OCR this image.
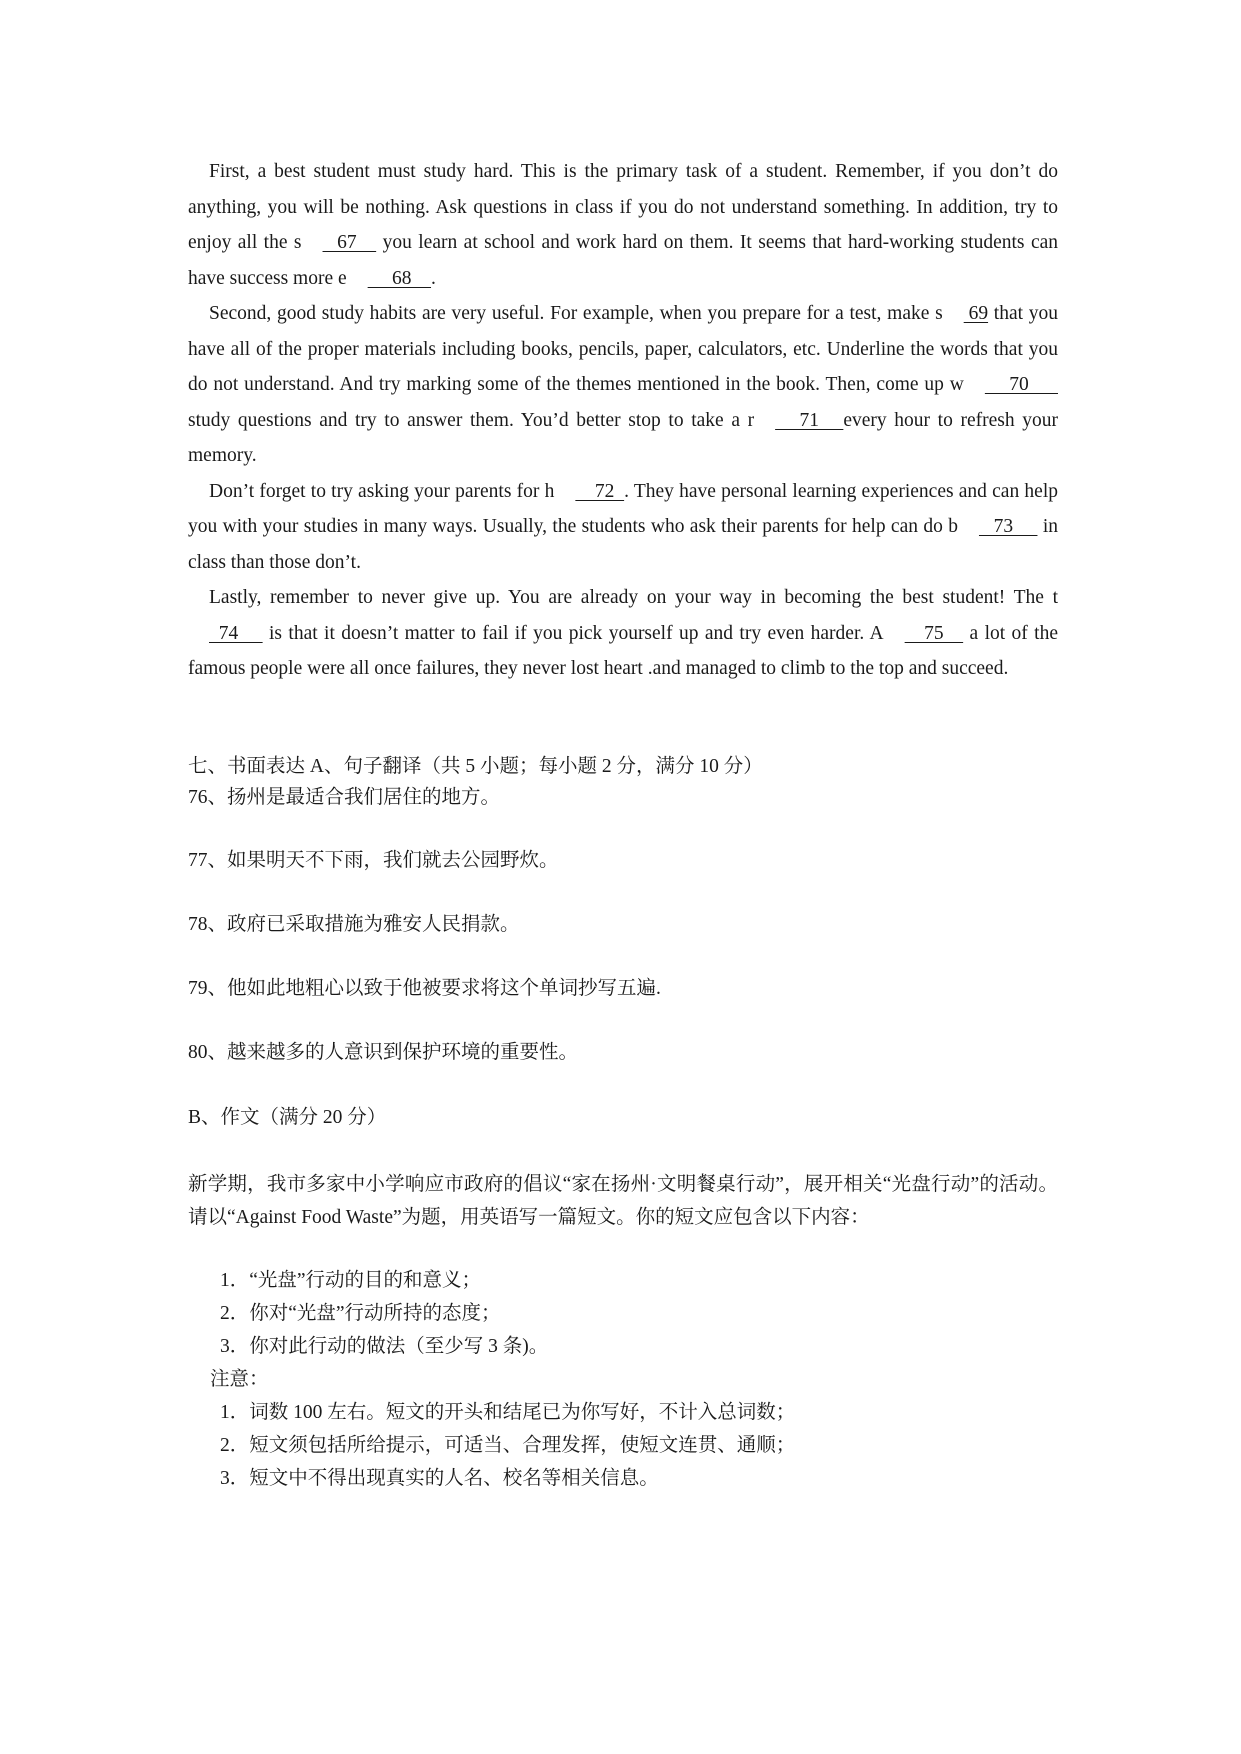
First, a best student must study hard. This is the primary task of a student. Remember, if you don’t do anything, you will be nothing. Ask questions in class if you do not understand something. In addition, try to enjoy all the s   67     you learn at school and work hard on them. It seems that hard-working students can have success more e     68    .

Second, good study habits are very useful. For example, when you prepare for a test, make s 69 that you have all of the proper materials including books, pencils, paper, calculators, etc. Underline the words that you do not understand. And try marking some of the themes mentioned in the book. Then, come up w     70       study questions and try to answer them. You’d better stop to take a r     71     every hour to refresh your memory.

Don’t forget to try asking your parents for h    72  . They have personal learning experiences and can help you with your studies in many ways. Usually, the students who ask their parents for help can do b   73      in class than those don’t.

Lastly, remember to never give up. You are already on your way in becoming the best student! The t  74      is that it doesn’t matter to fail if you pick yourself up and try even harder. A    75     a lot of the famous people were all once failures, they never lost heart .and managed to climb to the top and succeed.

七、书面表达 A、句子翻译（共 5 小题；每小题 2 分，满分 10 分）

76、扬州是最适合我们居住的地方。

77、如果明天不下雨，我们就去公园野炊。

78、政府已采取措施为雅安人民捐款。

79、他如此地粗心以致于他被要求将这个单词抄写五遍.

80、越来越多的人意识到保护环境的重要性。

B、作文（满分 20 分）

新学期，我市多家中小学响应市政府的倡议“家在扬州·文明餐桌行动”，展开相关“光盘行动”的活动。请以“Against Food Waste”为题，用英语写一篇短文。你的短文应包含以下内容：

1．“光盘”行动的目的和意义；
2．你对“光盘”行动所持的态度；
3．你对此行动的做法（至少写 3 条)。
注意：
1．词数 100 左右。短文的开头和结尾已为你写好，不计入总词数；
2．短文须包括所给提示，可适当、合理发挥，使短文连贯、通顺；
3．短文中不得出现真实的人名、校名等相关信息。
